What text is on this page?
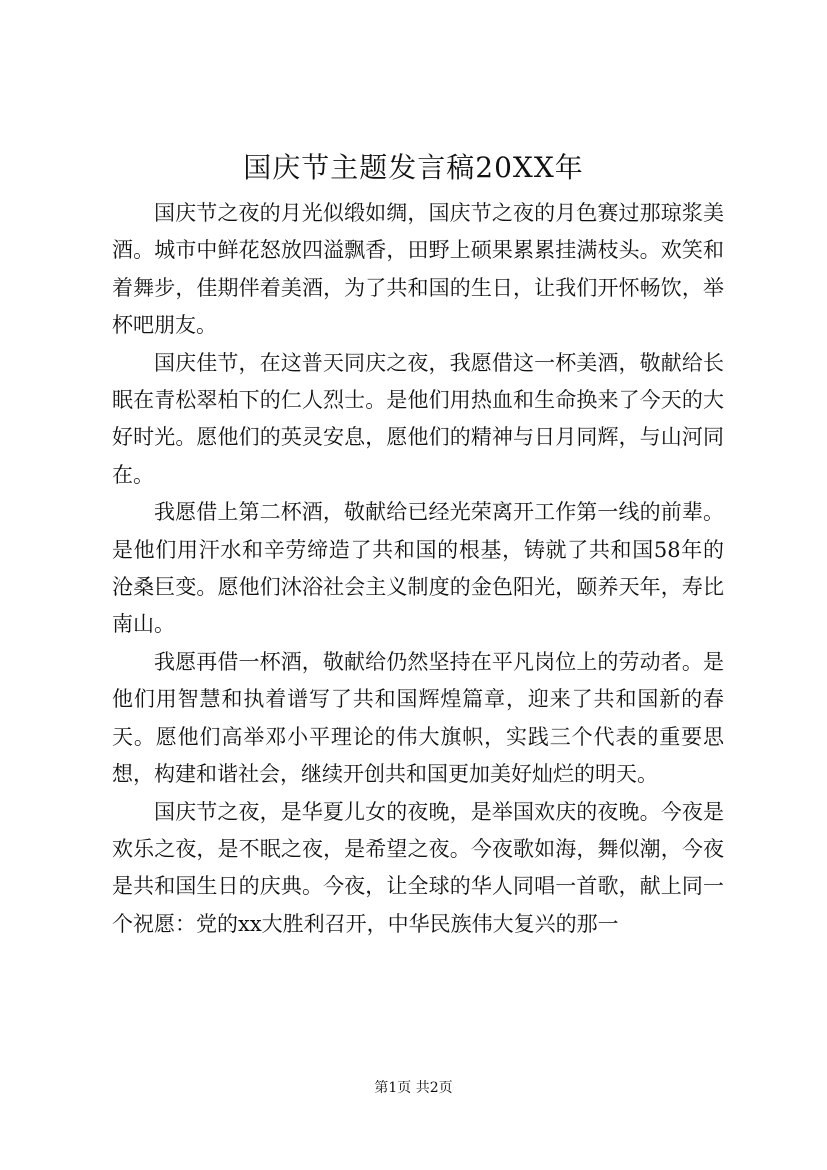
国庆节主题发言稿20XX年

国庆节之夜的月光似缎如绸，国庆节之夜的月色赛过那琼浆美酒。城市中鲜花怒放四溢飘香，田野上硕果累累挂满枝头。欢笑和着舞步，佳期伴着美酒，为了共和国的生日，让我们开怀畅饮，举杯吧朋友。

国庆佳节，在这普天同庆之夜，我愿借这一杯美酒，敬献给长眠在青松翠柏下的仁人烈士。是他们用热血和生命换来了今天的大好时光。愿他们的英灵安息，愿他们的精神与日月同辉，与山河同在。

我愿借上第二杯酒，敬献给已经光荣离开工作第一线的前辈。是他们用汗水和辛劳缔造了共和国的根基，铸就了共和国58年的沧桑巨变。愿他们沐浴社会主义制度的金色阳光，颐养天年，寿比南山。

我愿再借一杯酒，敬献给仍然坚持在平凡岗位上的劳动者。是他们用智慧和执着谱写了共和国辉煌篇章，迎来了共和国新的春天。愿他们高举邓小平理论的伟大旗帜，实践三个代表的重要思想，构建和谐社会，继续开创共和国更加美好灿烂的明天。

国庆节之夜，是华夏儿女的夜晚，是举国欢庆的夜晚。今夜是欢乐之夜，是不眠之夜，是希望之夜。今夜歌如海，舞似潮，今夜是共和国生日的庆典。今夜，让全球的华人同唱一首歌，献上同一个祝愿：党的xx大胜利召开，中华民族伟大复兴的那一

第1页 共2页
